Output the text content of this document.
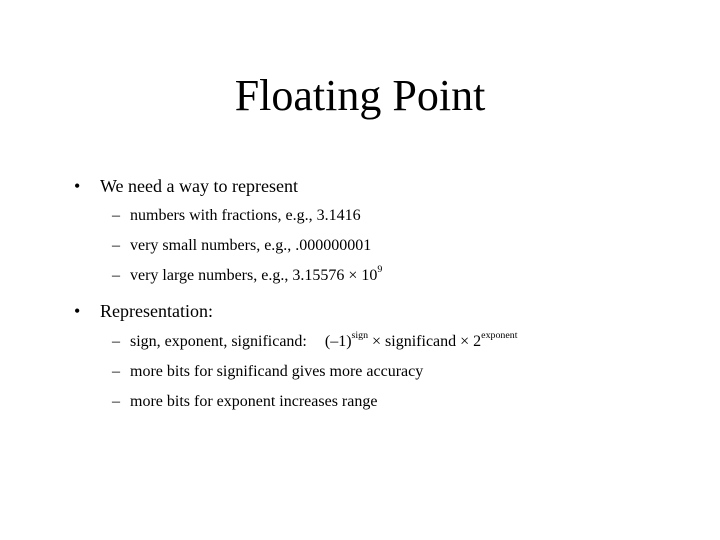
Floating Point
• We need a way to represent
– numbers with fractions, e.g., 3.1416
– very small numbers, e.g., .000000001
– very large numbers, e.g., $3.15576 \times 10^9$
• Representation:
– sign, exponent, significand: $(-1)^{sign}$ × significand × $2^{exponent}$
– more bits for significand gives more accuracy
– more bits for exponent increases range
